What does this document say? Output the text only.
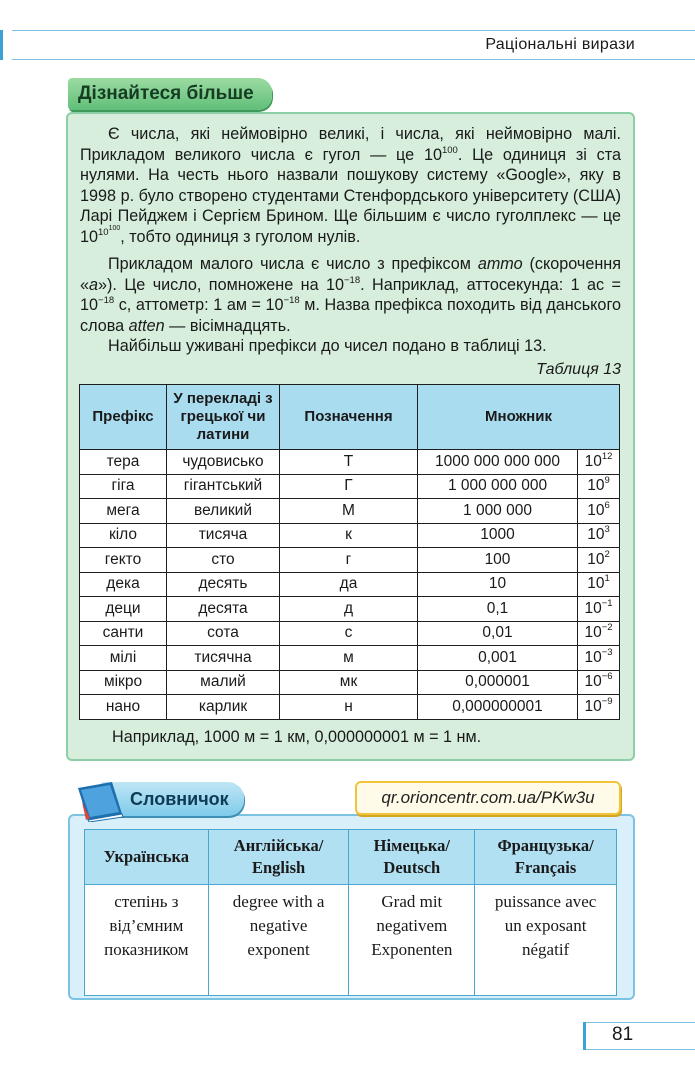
Раціональні вирази
Дізнайтеся більше
Є числа, які неймовірно великі, і числа, які неймовірно малі. Прикладом великого числа є гугол — це $10^{100}$. Це одиниця зі ста нулями. На честь нього назвали пошукову систему «Google», яку в 1998 р. було створено студентами Стенфордського університету (США) Ларі Пейджем і Сергієм Брином. Ще більшим є число гуголплекс — це $10^{10^{100}}$, тобто одиниця з гуголом нулів.
Прикладом малого числа є число з префіксом атто (скорочення «а»). Це число, помножене на $10^{-18}$. Наприклад, аттосекунда: 1 ас = $10^{-18}$ с, аттометр: 1 ам = $10^{-18}$ м. Назва префікса походить від данського слова atten — вісімнадцять.
Найбільш уживані префікси до чисел подано в таблиці 13.
Таблиця 13
Префікс	У перекладі з грецької чи латини	Позначення	Множник	
тера	чудовисько	Т	1000 000 000 000	$10^{12}$
гіга	гігантський	Г	1 000 000 000	$10^9$
мега	великий	М	1 000 000	$10^6$
кіло	тисяча	к	1000	$10^3$
гекто	сто	г	100	$10^2$
дека	десять	да	10	$10^1$
деци	десята	д	0,1	$10^{-1}$
санти	сота	с	0,01	$10^{-2}$
мілі	тисячна	м	0,001	$10^{-3}$
мікро	малий	мк	0,000001	$10^{-6}$
нано	карлик	н	0,000000001	$10^{-9}$
Наприклад, 1000 м = 1 км, 0,000000001 м = 1 нм.
Словничок	qr.orioncentr.com.ua/PKw3u
Українська	Англійська/ English	Німецька/ Deutsch	Французька/ Français
степінь з від’ємним показником	degree with a negative exponent	Grad mit negativem Exponenten	puissance avec un exposant négatif
81
